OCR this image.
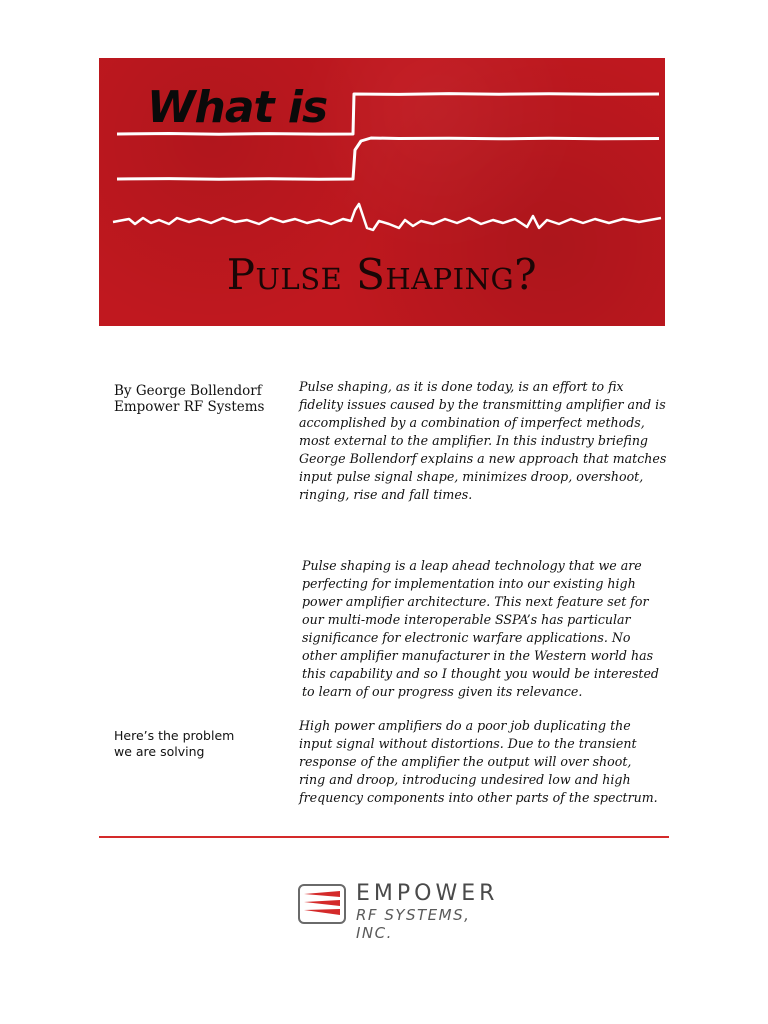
What is
Pulse Shaping?
By George Bollendorf
Empower RF Systems
Pulse shaping, as it is done today, is an effort to fix fidelity issues caused by the transmitting amplifier and is accomplished by a combination of imperfect methods, most external to the amplifier. In this industry briefing George Bollendorf explains a new approach that matches input pulse signal shape, minimizes droop, overshoot, ringing, rise and fall times.
Pulse shaping is a leap ahead technology that we are perfecting for implementation into our existing high power amplifier architecture. This next feature set for our multi-mode interoperable SSPA’s has particular significance for electronic warfare applications. No other amplifier manufacturer in the Western world has this capability and so I thought you would be interested to learn of our progress given its relevance.
Here’s the problem we are solving
High power amplifiers do a poor job duplicating the input signal without distortions. Due to the transient response of the amplifier the output will over shoot, ring and droop, introducing undesired low and high frequency components into other parts of the spectrum.
EMPOWER
RF SYSTEMS, INC.
